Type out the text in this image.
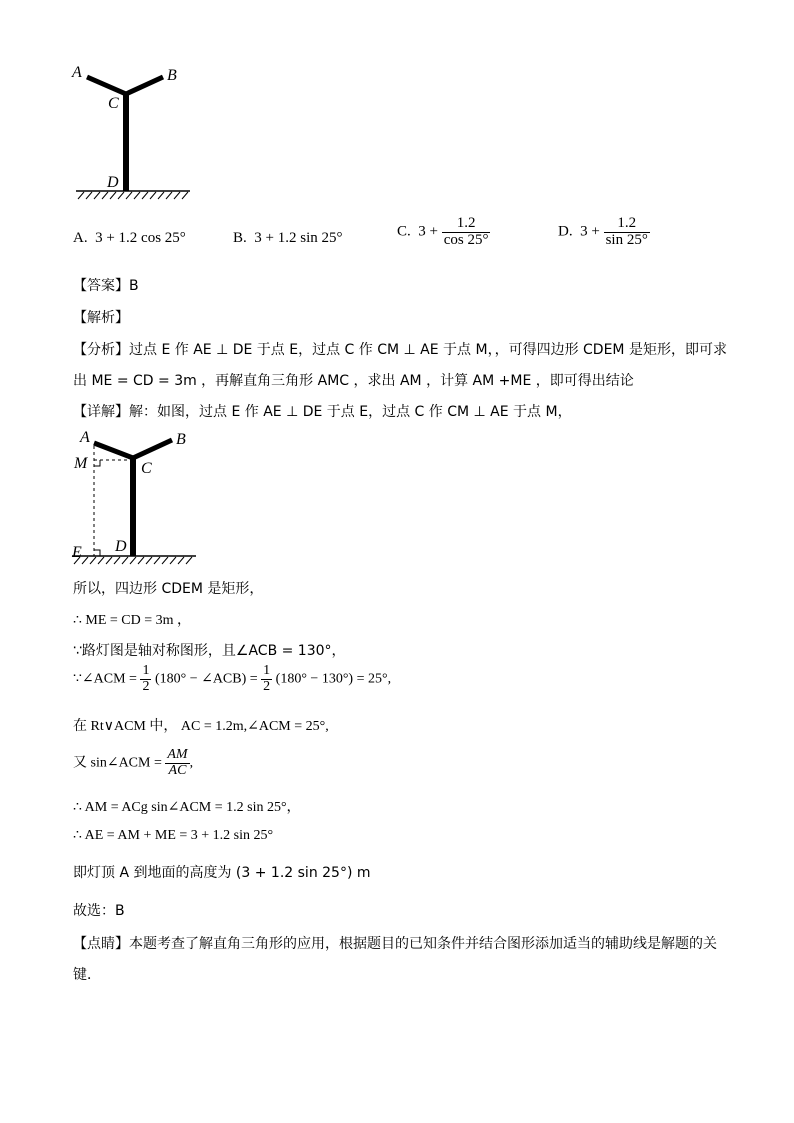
A	B
C
D
A. 3 + 1.2 cos 25°	B. 3 + 1.2 sin 25°	C. $3 + \frac{1.2}{\cos 25^\circ}$	D. $3 + \frac{1.2}{\sin 25^\circ}$
【答案】B
【解析】
【分析】过点 E 作 AE ⊥ DE 于点 E，过点 C 作 CM ⊥ AE 于点 M，，可得四边形 CDEM 是矩形，即可求
出 ME = CD = 3m ，再解直角三角形 AMC ，求出 AM ，计算 AM +ME ，即可得出结论
【详解】解：如图，过点 E 作 AE ⊥ DE 于点 E，过点 C 作 CM ⊥ AE 于点 M，
A	B
M	C
D
E
所以，四边形 CDEM 是矩形，
∴ ME = CD = 3m ，
∵路灯图是轴对称图形，且∠ACB = 130°，
∵∠ACM = $\frac{1}{2} (180^\circ$ − ∠ACB) = $\frac{1}{2} (180^\circ - 130^\circ) = 25^\circ$,
在 Rt∨ACM 中， AC = 1.2m,∠ACM = 25°,
又 sin∠ACM = $\frac{AM}{AC}$ ,
∴ AM = ACg sin∠ACM = 1.2 sin 25°，
∴ AE = AM + ME = 3 + 1.2 sin 25°
即灯顶 A 到地面的高度为 (3 + 1.2 sin 25°) m
故选：B
【点睛】本题考查了解直角三角形的应用，根据题目的已知条件并结合图形添加适当的辅助线是解题的关
键．
